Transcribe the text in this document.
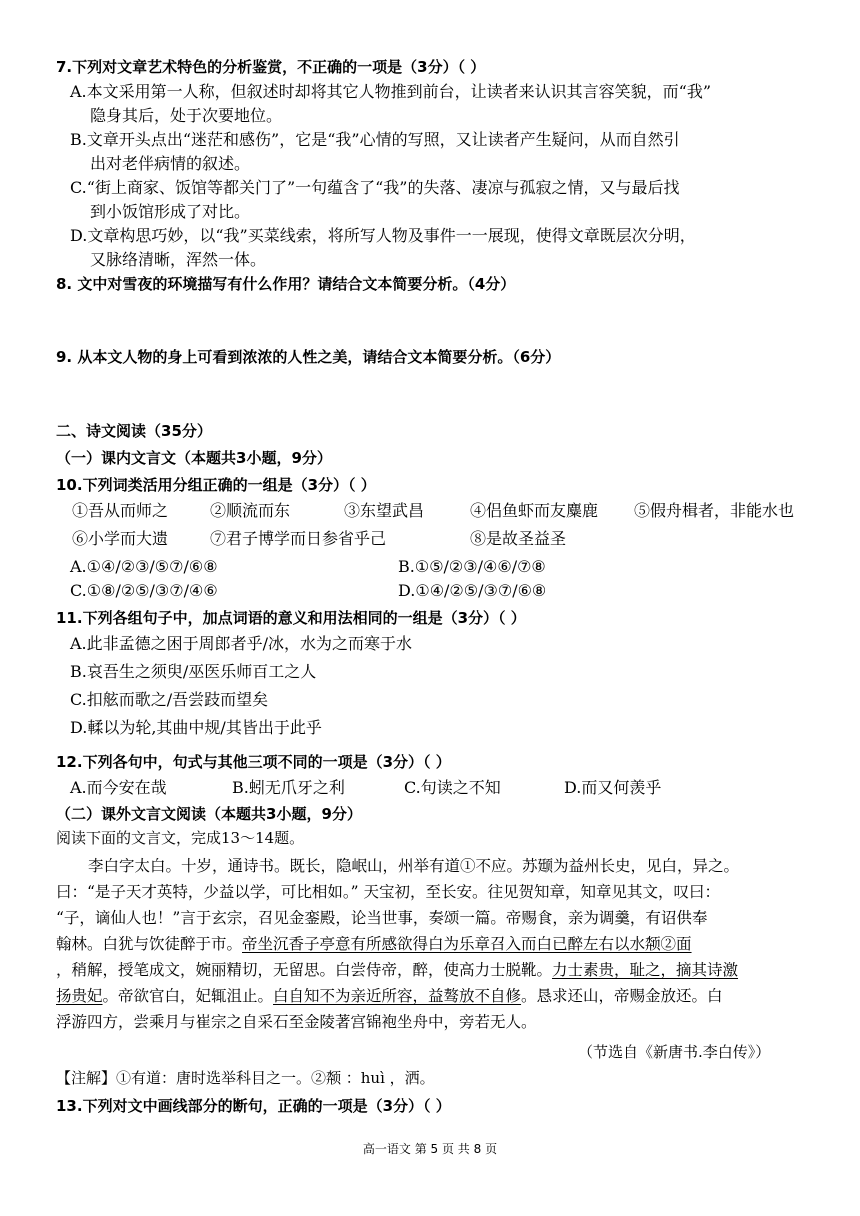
7.下列对文章艺术特色的分析鉴赏，不正确的一项是（3分）（ ）
A.本文采用第一人称，但叙述时却将其它人物推到前台，让读者来认识其言容笑貌，而“我”
隐身其后，处于次要地位。
B.文章开头点出“迷茫和感伤”，它是“我”心情的写照，又让读者产生疑问，从而自然引
出对老伴病情的叙述。
C.“街上商家、饭馆等都关门了”一句蕴含了“我”的失落、凄凉与孤寂之情，又与最后找
到小饭馆形成了对比。
D.文章构思巧妙，以“我”买菜线索，将所写人物及事件一一展现，使得文章既层次分明，
又脉络清晰，浑然一体。
8. 文中对雪夜的环境描写有什么作用？请结合文本简要分析。（4分）
9. 从本文人物的身上可看到浓浓的人性之美，请结合文本简要分析。（6分）
二、诗文阅读（35分）
（一）课内文言文（本题共3小题，9分）
10.下列词类活用分组正确的一组是（3分）（ ）
①吾从而师之	②顺流而东	③东望武昌	④侣鱼虾而友麋鹿 ⑤假舟楫者，非能水也
⑥小学而大遗	⑦君子博学而日参省乎己	⑧是故圣益圣
A.①④/②③/⑤⑦/⑥⑧	B.①⑤/②③/④⑥/⑦⑧
C.①⑧/②⑤/③⑦/④⑥	D.①④/②⑤/③⑦/⑥⑧
11.下列各组句子中，加点词语的意义和用法相同的一组是（3分）（ ）
A.此非孟德之困于周郎者乎/冰，水为之而寒于水
B.哀吾生之须臾/巫医乐师百工之人
C.扣舷而歌之/吾尝跂而望矣
D.輮以为轮,其曲中规/其皆出于此乎
12.下列各句中，句式与其他三项不同的一项是（3分）（ ）
A.而今安在哉	B.蚓无爪牙之利	C.句读之不知	D.而又何羡乎
（二）课外文言文阅读（本题共3小题，9分）
阅读下面的文言文，完成13～14题。
李白字太白。十岁，通诗书。既长，隐岷山，州举有道①不应。苏颋为益州长史，见白，异之。
曰：“是子天才英特，少益以学，可比相如。” 天宝初，至长安。往见贺知章，知章见其文，叹曰：
“子，谪仙人也！”言于玄宗，召见金銮殿，论当世事，奏颂一篇。帝赐食，亲为调羹，有诏供奉
翰林。白犹与饮徒醉于市。帝坐沉香子亭意有所感欲得白为乐章召入而白已醉左右以水颒②面
，稍解，授笔成文，婉丽精切，无留思。白尝侍帝，醉，使高力士脱靴。力士素贵，耻之，摘其诗激
扬贵妃。帝欲官白，妃辄沮止。白自知不为亲近所容，益骜放不自修。恳求还山，帝赐金放还。白
浮游四方，尝乘月与崔宗之自采石至金陵著宫锦袍坐舟中，旁若无人。
（节选自《新唐书.李白传》）
【注解】①有道：唐时选举科目之一。②颒 ：huì ，洒。
13.下列对文中画线部分的断句，正确的一项是（3分）（ ）
高一语文 第 5 页 共 8 页
